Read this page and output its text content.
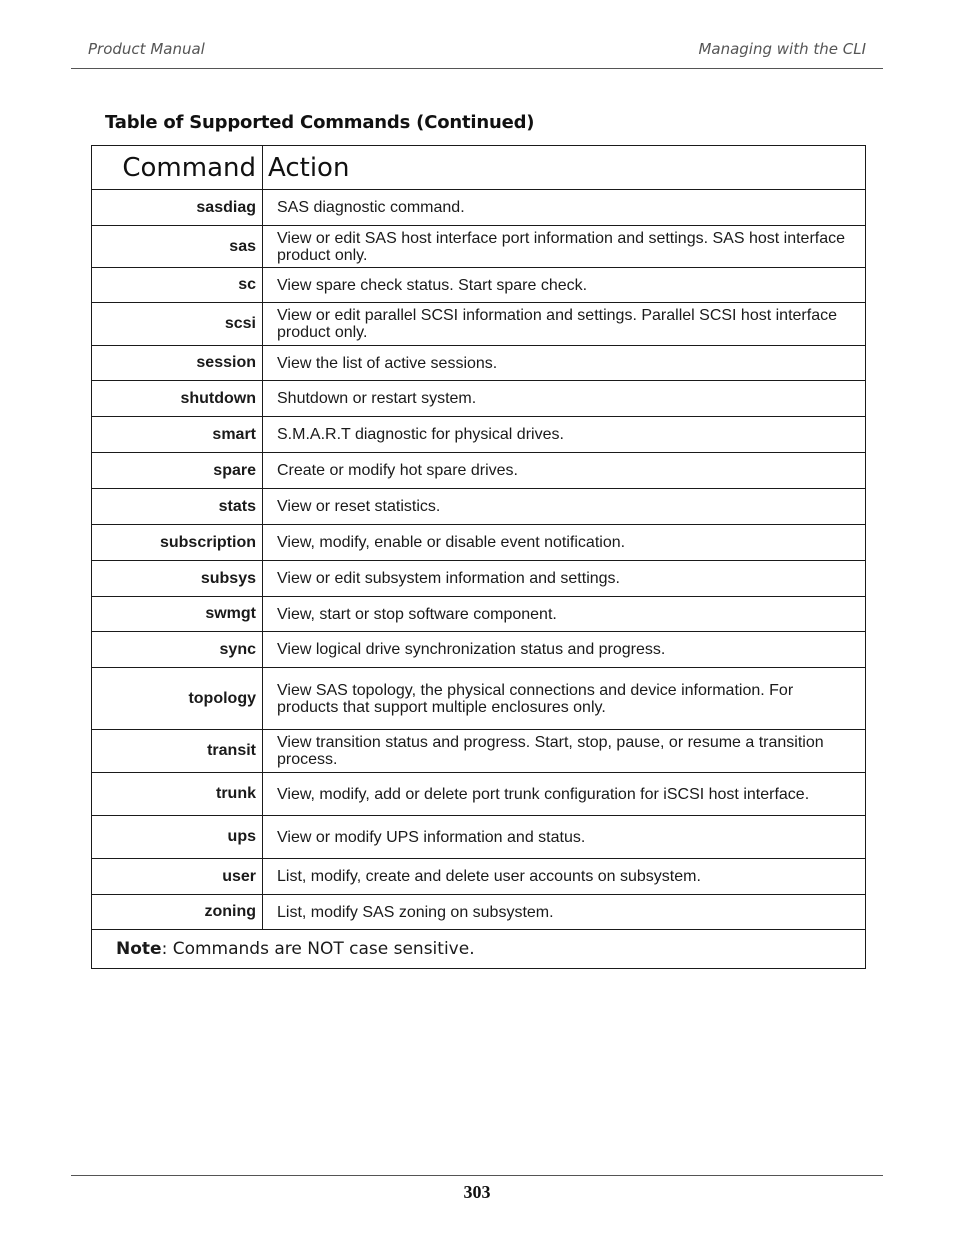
Product Manual	Managing with the CLI
Table of Supported Commands (Continued)
Command	Action
sasdiag	SAS diagnostic command.
sas	View or edit SAS host interface port information and settings. SAS host interface product only.
sc	View spare check status. Start spare check.
scsi	View or edit parallel SCSI information and settings. Parallel SCSI host interface product only.
session	View the list of active sessions.
shutdown	Shutdown or restart system.
smart	S.M.A.R.T diagnostic for physical drives.
spare	Create or modify hot spare drives.
stats	View or reset statistics.
subscription	View, modify, enable or disable event notification.
subsys	View or edit subsystem information and settings.
swmgt	View, start or stop software component.
sync	View logical drive synchronization status and progress.
topology	View SAS topology, the physical connections and device information. For products that support multiple enclosures only.
transit	View transition status and progress. Start, stop, pause, or resume a transition process.
trunk	View, modify, add or delete port trunk configuration for iSCSI host interface.
ups	View or modify UPS information and status.
user	List, modify, create and delete user accounts on subsystem.
zoning	List, modify SAS zoning on subsystem.
Note: Commands are NOT case sensitive.	
303
